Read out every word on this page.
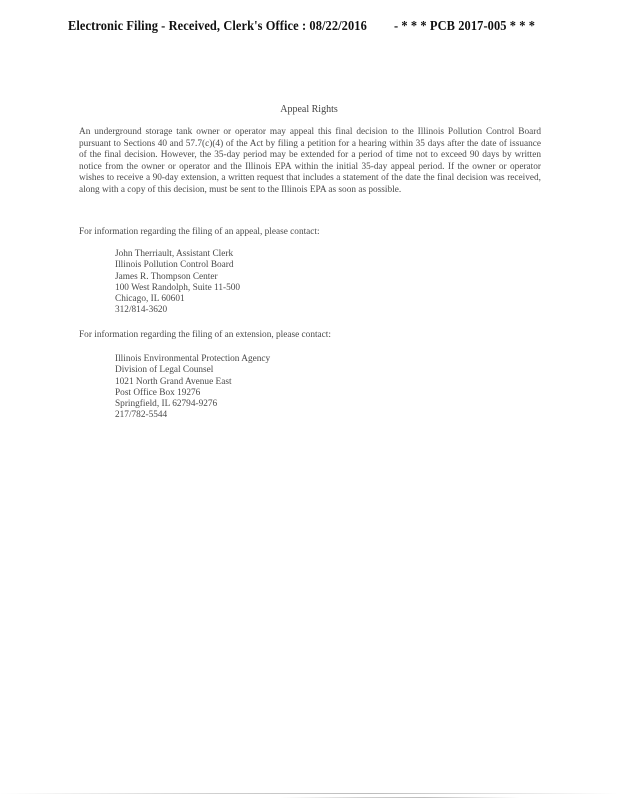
Electronic Filing - Received, Clerk's Office : 08/22/2016 - * * * PCB 2017-005 * * *
Appeal Rights
An underground storage tank owner or operator may appeal this final decision to the Illinois Pollution Control Board pursuant to Sections 40 and 57.7(c)(4) of the Act by filing a petition for a hearing within 35 days after the date of issuance of the final decision. However, the 35-day period may be extended for a period of time not to exceed 90 days by written notice from the owner or operator and the Illinois EPA within the initial 35-day appeal period. If the owner or operator wishes to receive a 90-day extension, a written request that includes a statement of the date the final decision was received, along with a copy of this decision, must be sent to the Illinois EPA as soon as possible.
For information regarding the filing of an appeal, please contact:
John Therriault, Assistant Clerk
Illinois Pollution Control Board
James R. Thompson Center
100 West Randolph, Suite 11-500
Chicago, IL 60601
312/814-3620
For information regarding the filing of an extension, please contact:
Illinois Environmental Protection Agency
Division of Legal Counsel
1021 North Grand Avenue East
Post Office Box 19276
Springfield, IL 62794-9276
217/782-5544
